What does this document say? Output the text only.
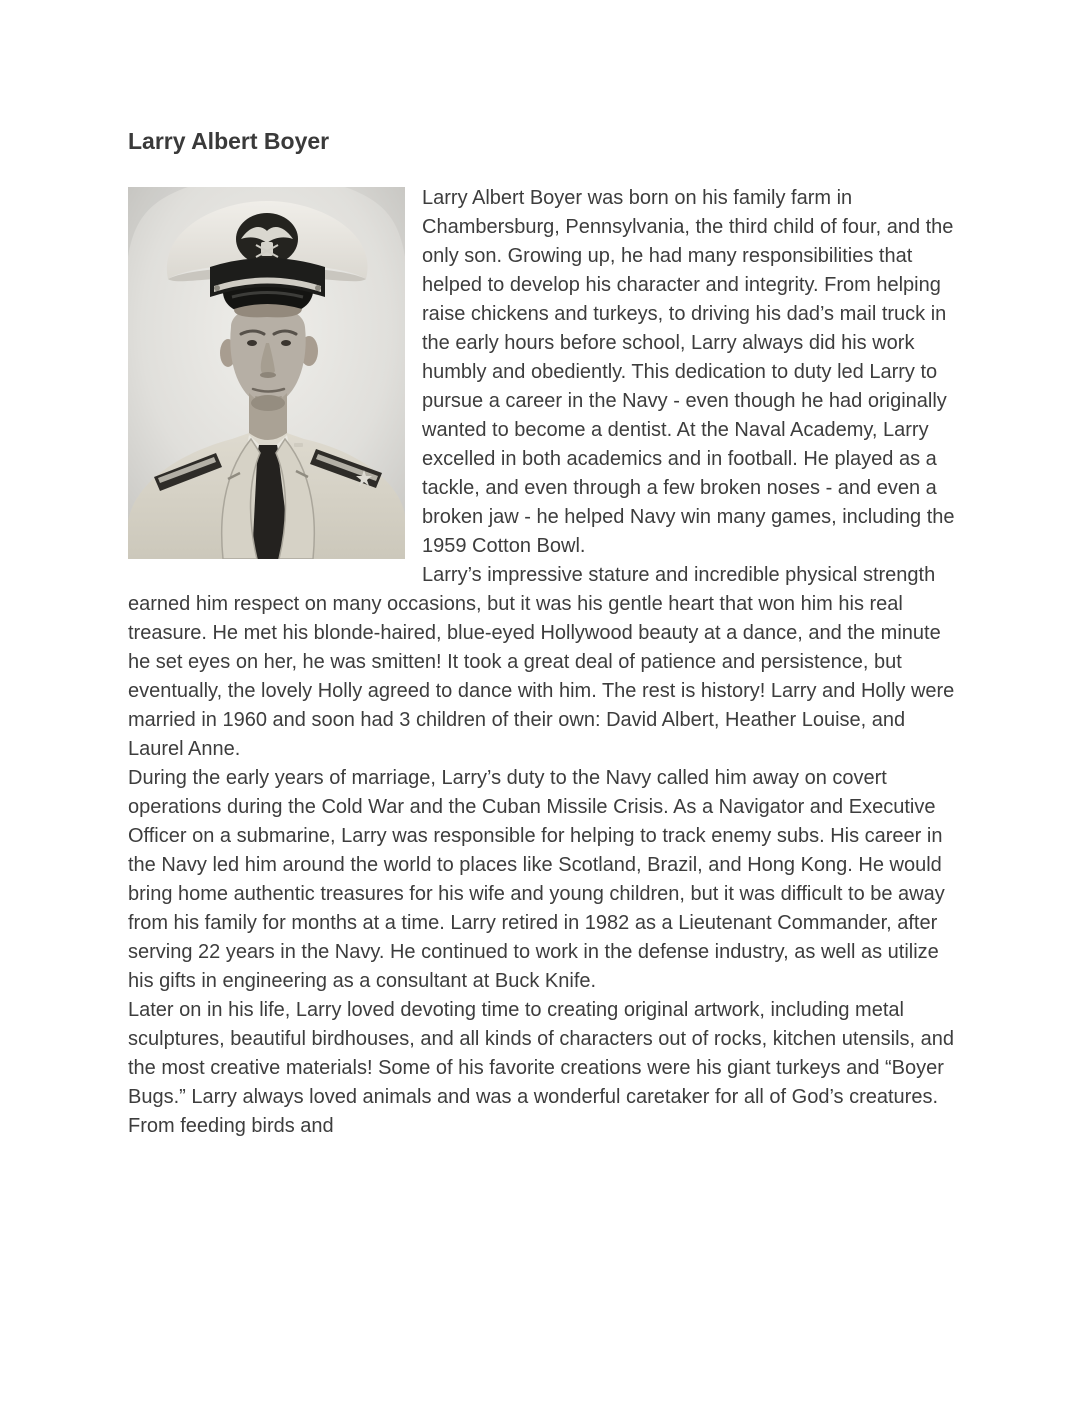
Larry Albert Boyer

Larry Albert Boyer was born on his family farm in Chambersburg, Pennsylvania, the third child of four, and the only son. Growing up, he had many responsibilities that helped to develop his character and integrity. From helping raise chickens and turkeys, to driving his dad’s mail truck in the early hours before school, Larry always did his work humbly and obediently. This dedication to duty led Larry to pursue a career in the Navy - even though he had originally wanted to become a dentist. At the Naval Academy, Larry excelled in both academics and in football. He played as a tackle, and even through a few broken noses - and even a broken jaw - he helped Navy win many games, including the 1959 Cotton Bowl.

Larry’s impressive stature and incredible physical strength earned him respect on many occasions, but it was his gentle heart that won him his real treasure. He met his blonde-haired, blue-eyed Hollywood beauty at a dance, and the minute he set eyes on her, he was smitten! It took a great deal of patience and persistence, but eventually, the lovely Holly agreed to dance with him. The rest is history! Larry and Holly were married in 1960 and soon had 3 children of their own: David Albert, Heather Louise, and Laurel Anne.

During the early years of marriage, Larry’s duty to the Navy called him away on covert operations during the Cold War and the Cuban Missile Crisis. As a Navigator and Executive Officer on a submarine, Larry was responsible for helping to track enemy subs. His career in the Navy led him around the world to places like Scotland, Brazil, and Hong Kong. He would bring home authentic treasures for his wife and young children, but it was difficult to be away from his family for months at a time. Larry retired in 1982 as a Lieutenant Commander, after serving 22 years in the Navy. He continued to work in the defense industry, as well as utilize his gifts in engineering as a consultant at Buck Knife.

Later on in his life, Larry loved devoting time to creating original artwork, including metal sculptures, beautiful birdhouses, and all kinds of characters out of rocks, kitchen utensils, and the most creative materials! Some of his favorite creations were his giant turkeys and “Boyer Bugs.” Larry always loved animals and was a wonderful caretaker for all of God’s creatures. From feeding birds and
